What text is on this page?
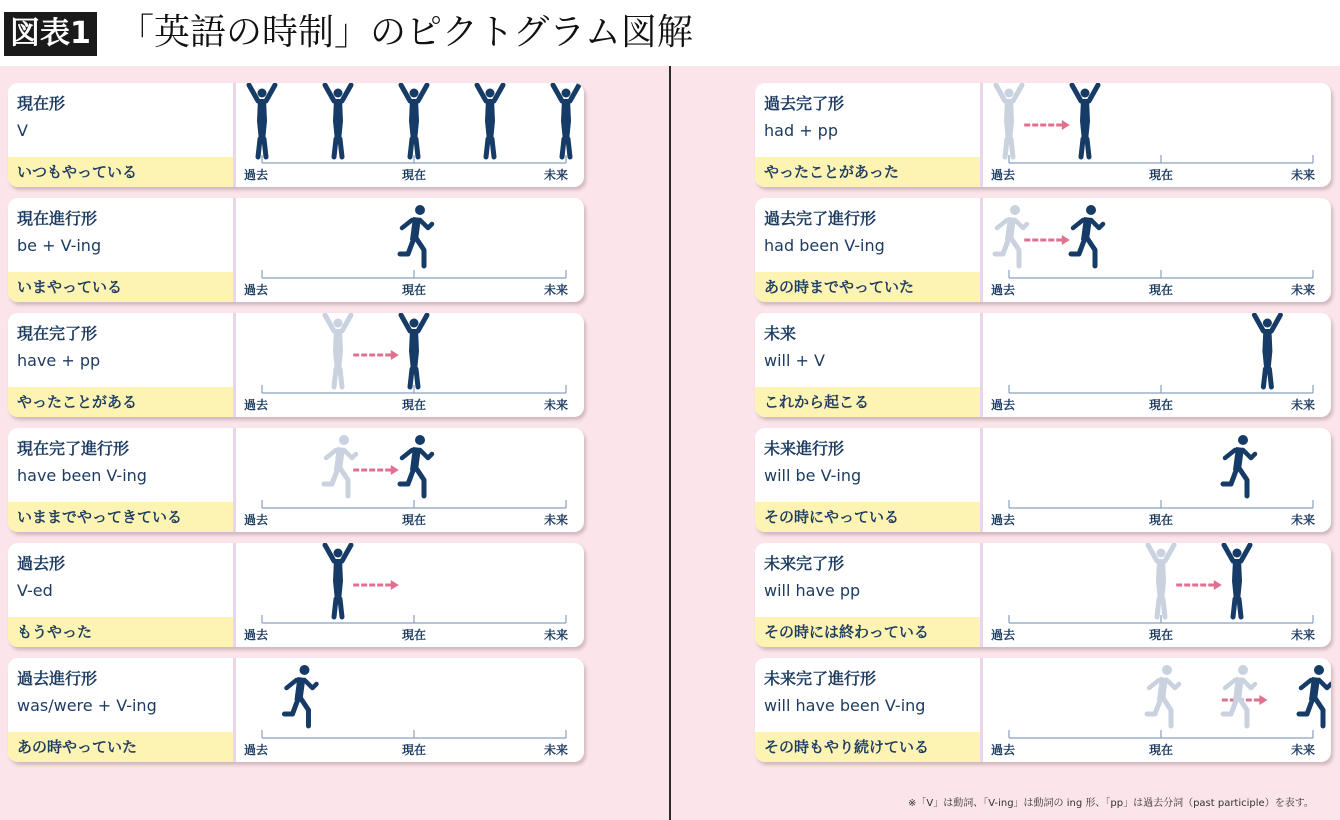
図表1 「英語の時制」のピクトグラム図解
現在形
V
いつもやっている	過去	現在	未来
現在進行形
be + V-ing
いまやっている	過去	現在	未来
現在完了形
have + pp
やったことがある	過去	現在	未来
現在完了進行形
have been V-ing
いままでやってきている	過去	現在	未来
過去形
V-ed
もうやった	過去	現在	未来
過去進行形
was/were + V-ing
あの時やっていた	過去	現在	未来
過去完了形
had + pp
やったことがあった	過去	現在	未来
過去完了進行形
had been V-ing
あの時までやっていた	過去	現在	未来
未来
will + V
これから起こる	過去	現在	未来
未来進行形
will be V-ing
その時にやっている	過去	現在	未来
未来完了形
will have pp
その時には終わっている	過去	現在	未来
未来完了進行形
will have been V-ing
その時もやり続けている	過去	現在	未来
※「V」は動詞、「V-ing」は動詞の ing 形、「pp」は過去分詞（past participle）を表す。
